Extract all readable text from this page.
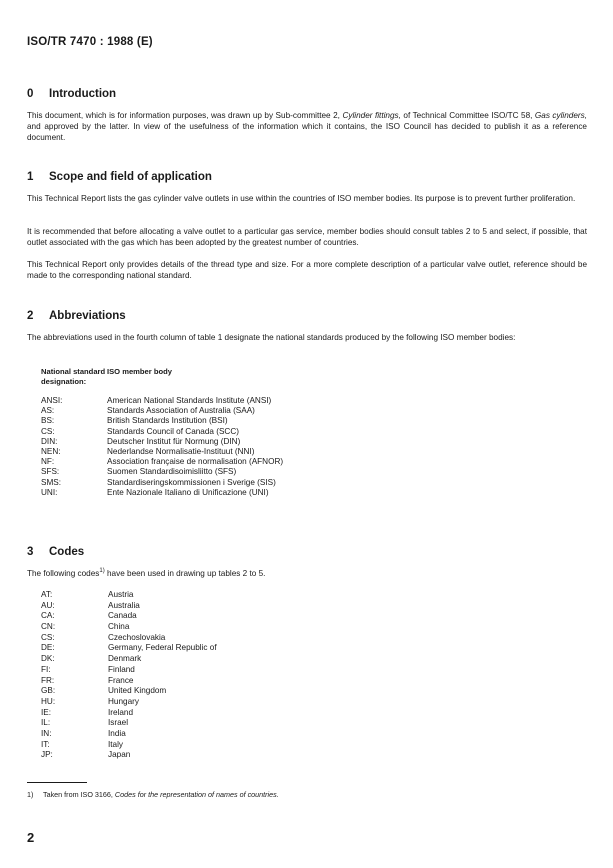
ISO/TR 7470 : 1988 (E)
0 Introduction
This document, which is for information purposes, was drawn up by Sub-committee 2, Cylinder fittings, of Technical Committee ISO/TC 58, Gas cylinders, and approved by the latter. In view of the usefulness of the information which it contains, the ISO Council has decided to publish it as a reference document.
1 Scope and field of application
This Technical Report lists the gas cylinder valve outlets in use within the countries of ISO member bodies. Its purpose is to prevent further proliferation.
It is recommended that before allocating a valve outlet to a particular gas service, member bodies should consult tables 2 to 5 and select, if possible, that outlet associated with the gas which has been adopted by the greatest number of countries.
This Technical Report only provides details of the thread type and size. For a more complete description of a particular valve outlet, reference should be made to the corresponding national standard.
2 Abbreviations
The abbreviations used in the fourth column of table 1 designate the national standards produced by the following ISO member bodies:
National standard designation:	ISO member body
ANSI:	American National Standards Institute (ANSI)
AS:	Standards Association of Australia (SAA)
BS:	British Standards Institution (BSI)
CS:	Standards Council of Canada (SCC)
DIN:	Deutscher Institut für Normung (DIN)
NEN:	Nederlandse Normalisatie-Instituut (NNI)
NF:	Association française de normalisation (AFNOR)
SFS:	Suomen Standardisoimisliitto (SFS)
SMS:	Standardiseringskommissionen i Sverige (SIS)
UNI:	Ente Nazionale Italiano di Unificazione (UNI)
3 Codes
The following codes$^{1)}$ have been used in drawing up tables 2 to 5.
AT:	Austria
AU:	Australia
CA:	Canada
CN:	China
CS:	Czechoslovakia
DE:	Germany, Federal Republic of
DK:	Denmark
FI:	Finland
FR:	France
GB:	United Kingdom
HU:	Hungary
IE:	Ireland
IL:	Israel
IN:	India
IT:	Italy
JP:	Japan
1) Taken from ISO 3166, Codes for the representation of names of countries.
2
